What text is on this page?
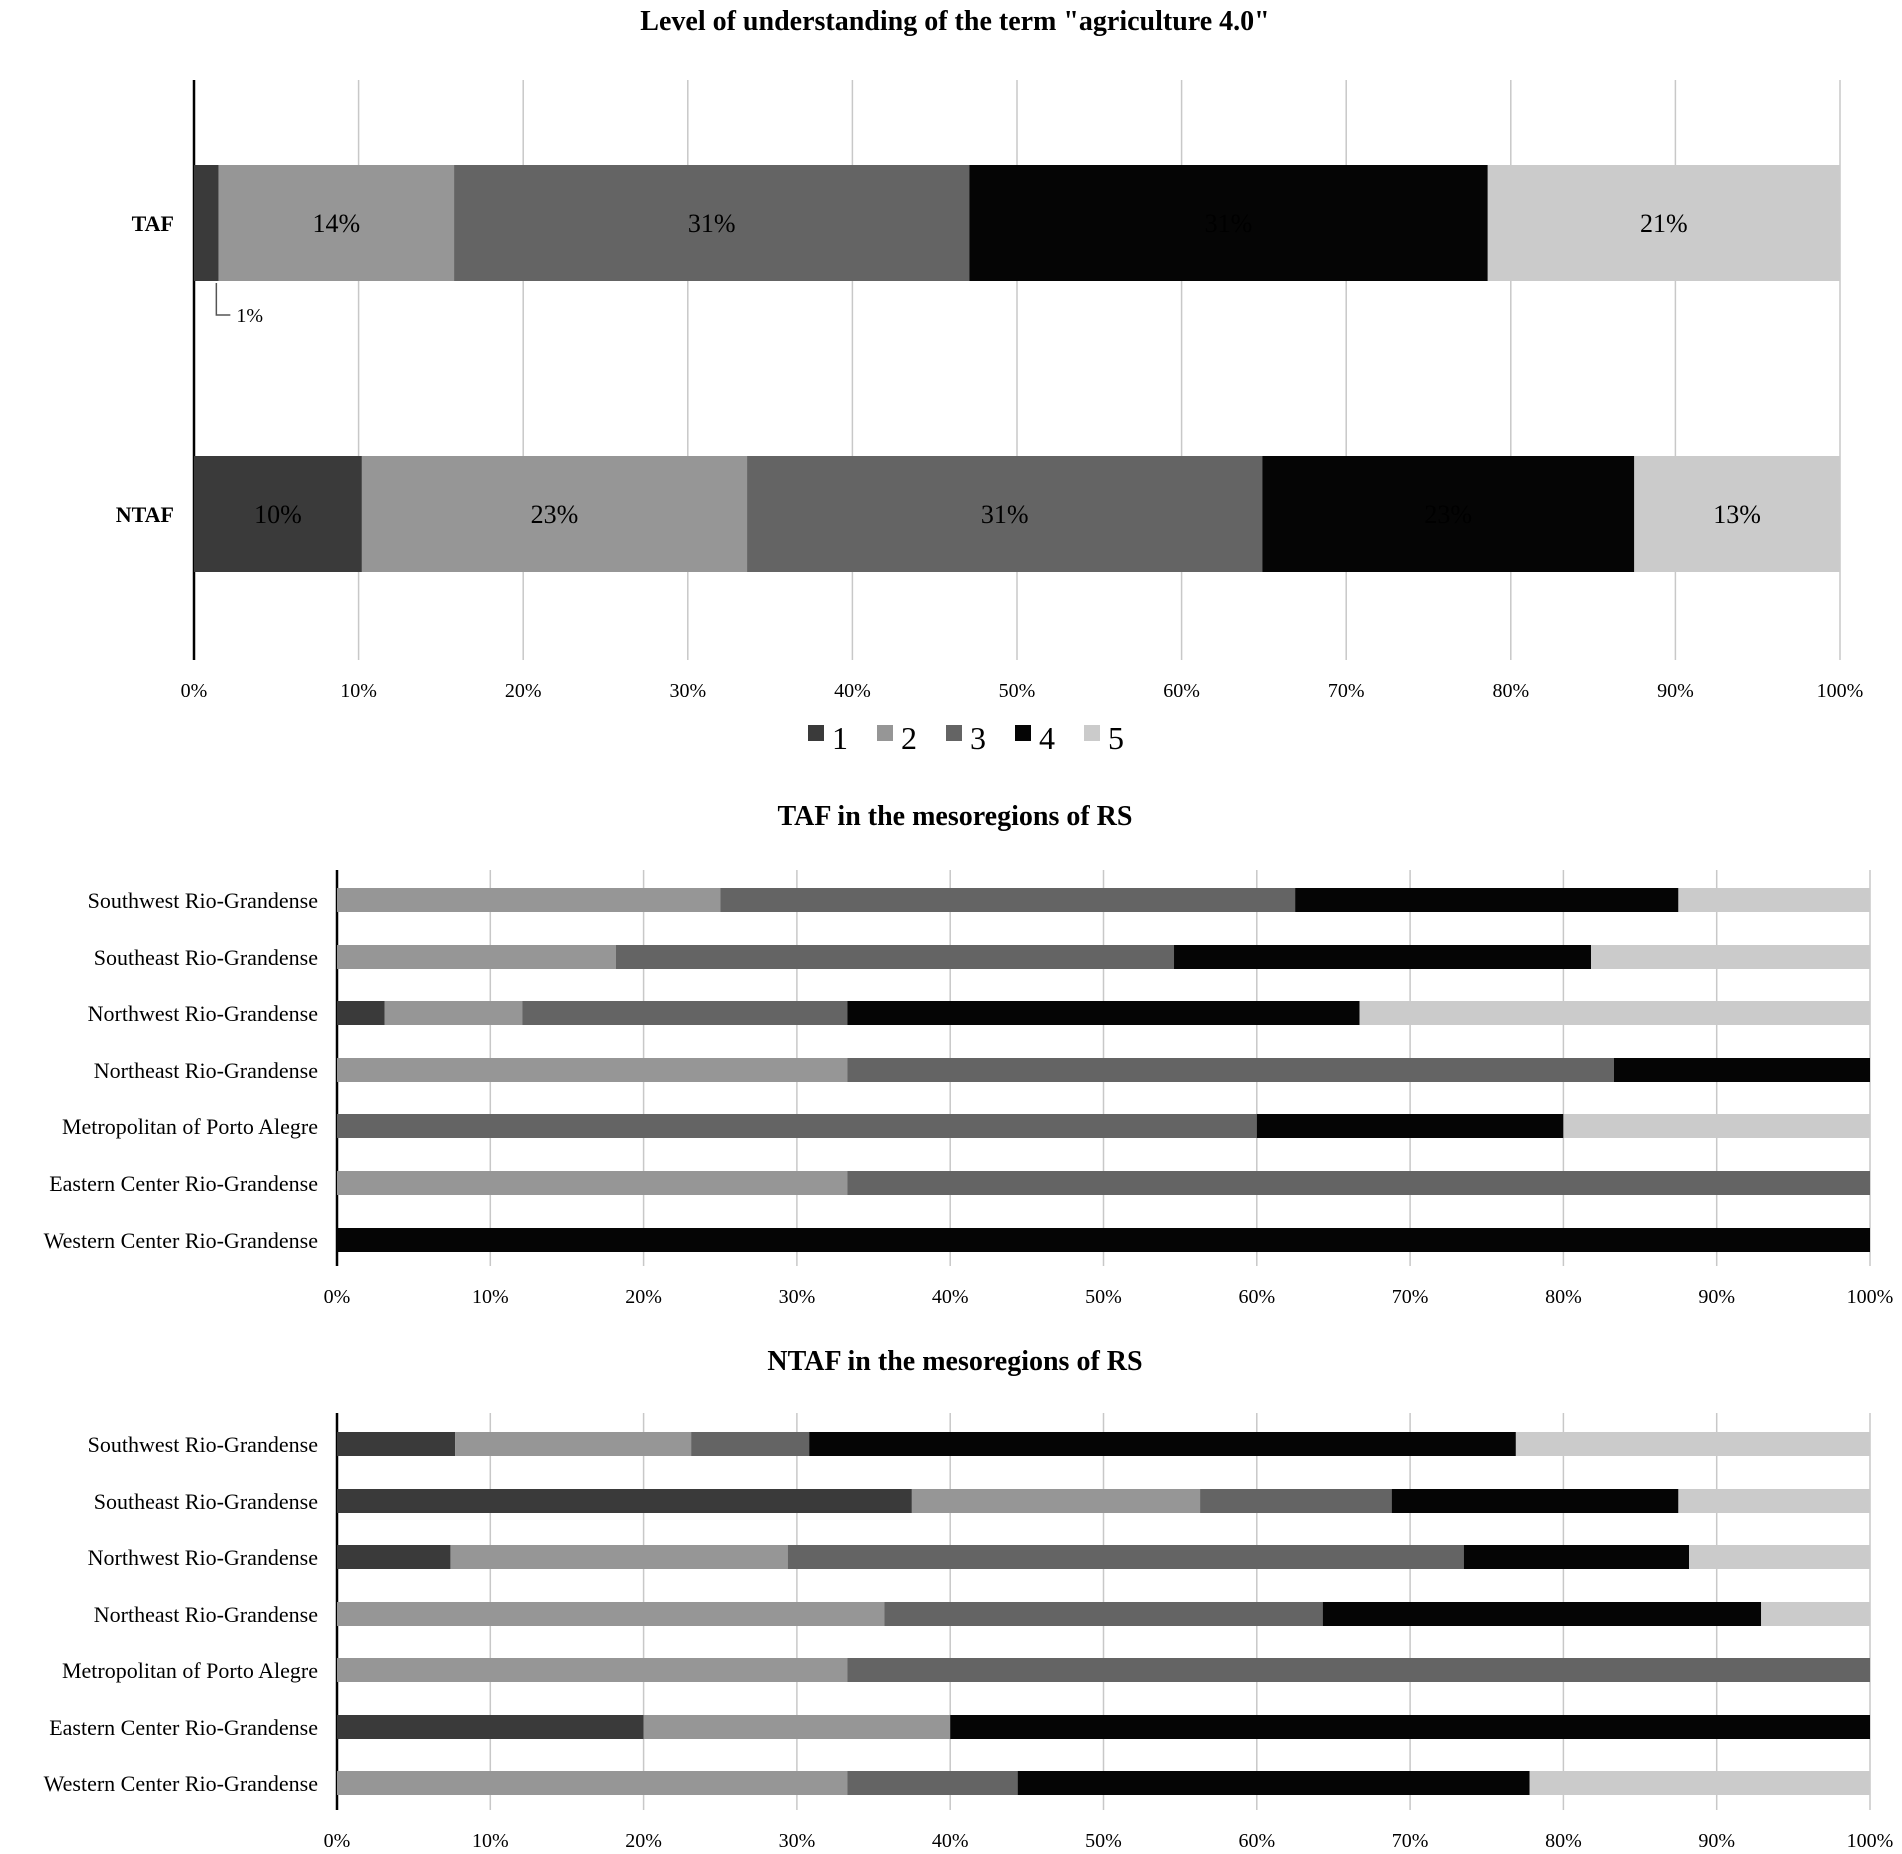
Level of understanding of the term "agriculture 4.0"
0%	10%	20%	30%	40%	50%	60%	70%	80%	90%	100%
TAF
NTAF
1%
14%	31%	31%	21%
10%	23%	31%	23%	13%
1 2 3 4 5
TAF in the mesoregions of RS
0%	10%	20%	30%	40%	50%	60%	70%	80%	90%	100%
Southwest Rio-Grandense
Southeast Rio-Grandense
Northwest Rio-Grandense
Northeast Rio-Grandense
Metropolitan of Porto Alegre
Eastern Center Rio-Grandense
Western Center Rio-Grandense
NTAF in the mesoregions of RS
0%	10%	20%	30%	40%	50%	60%	70%	80%	90%	100%
Southwest Rio-Grandense
Southeast Rio-Grandense
Northwest Rio-Grandense
Northeast Rio-Grandense
Metropolitan of Porto Alegre
Eastern Center Rio-Grandense
Western Center Rio-Grandense
